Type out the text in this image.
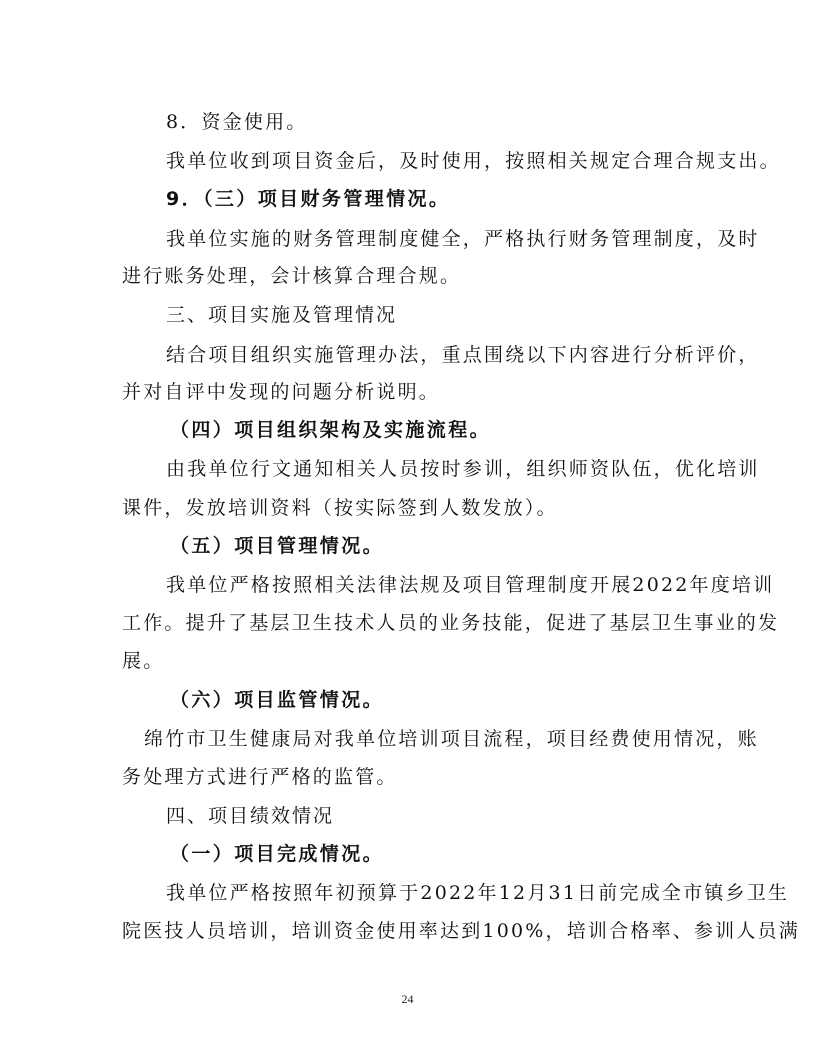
8．资金使用。
我单位收到项目资金后，及时使用，按照相关规定合理合规支出。
9．（三）项目财务管理情况。
我单位实施的财务管理制度健全，严格执行财务管理制度，及时
进行账务处理，会计核算合理合规。
三、项目实施及管理情况
结合项目组织实施管理办法，重点围绕以下内容进行分析评价，
并对自评中发现的问题分析说明。
（四）项目组织架构及实施流程。
由我单位行文通知相关人员按时参训，组织师资队伍，优化培训
课件，发放培训资料（按实际签到人数发放）。
（五）项目管理情况。
我单位严格按照相关法律法规及项目管理制度开展2022年度培训
工作。提升了基层卫生技术人员的业务技能，促进了基层卫生事业的发
展。
（六）项目监管情况。
绵竹市卫生健康局对我单位培训项目流程，项目经费使用情况，账
务处理方式进行严格的监管。
四、项目绩效情况
（一）项目完成情况。
我单位严格按照年初预算于2022年12月31日前完成全市镇乡卫生
院医技人员培训，培训资金使用率达到100%，培训合格率、参训人员满
24
